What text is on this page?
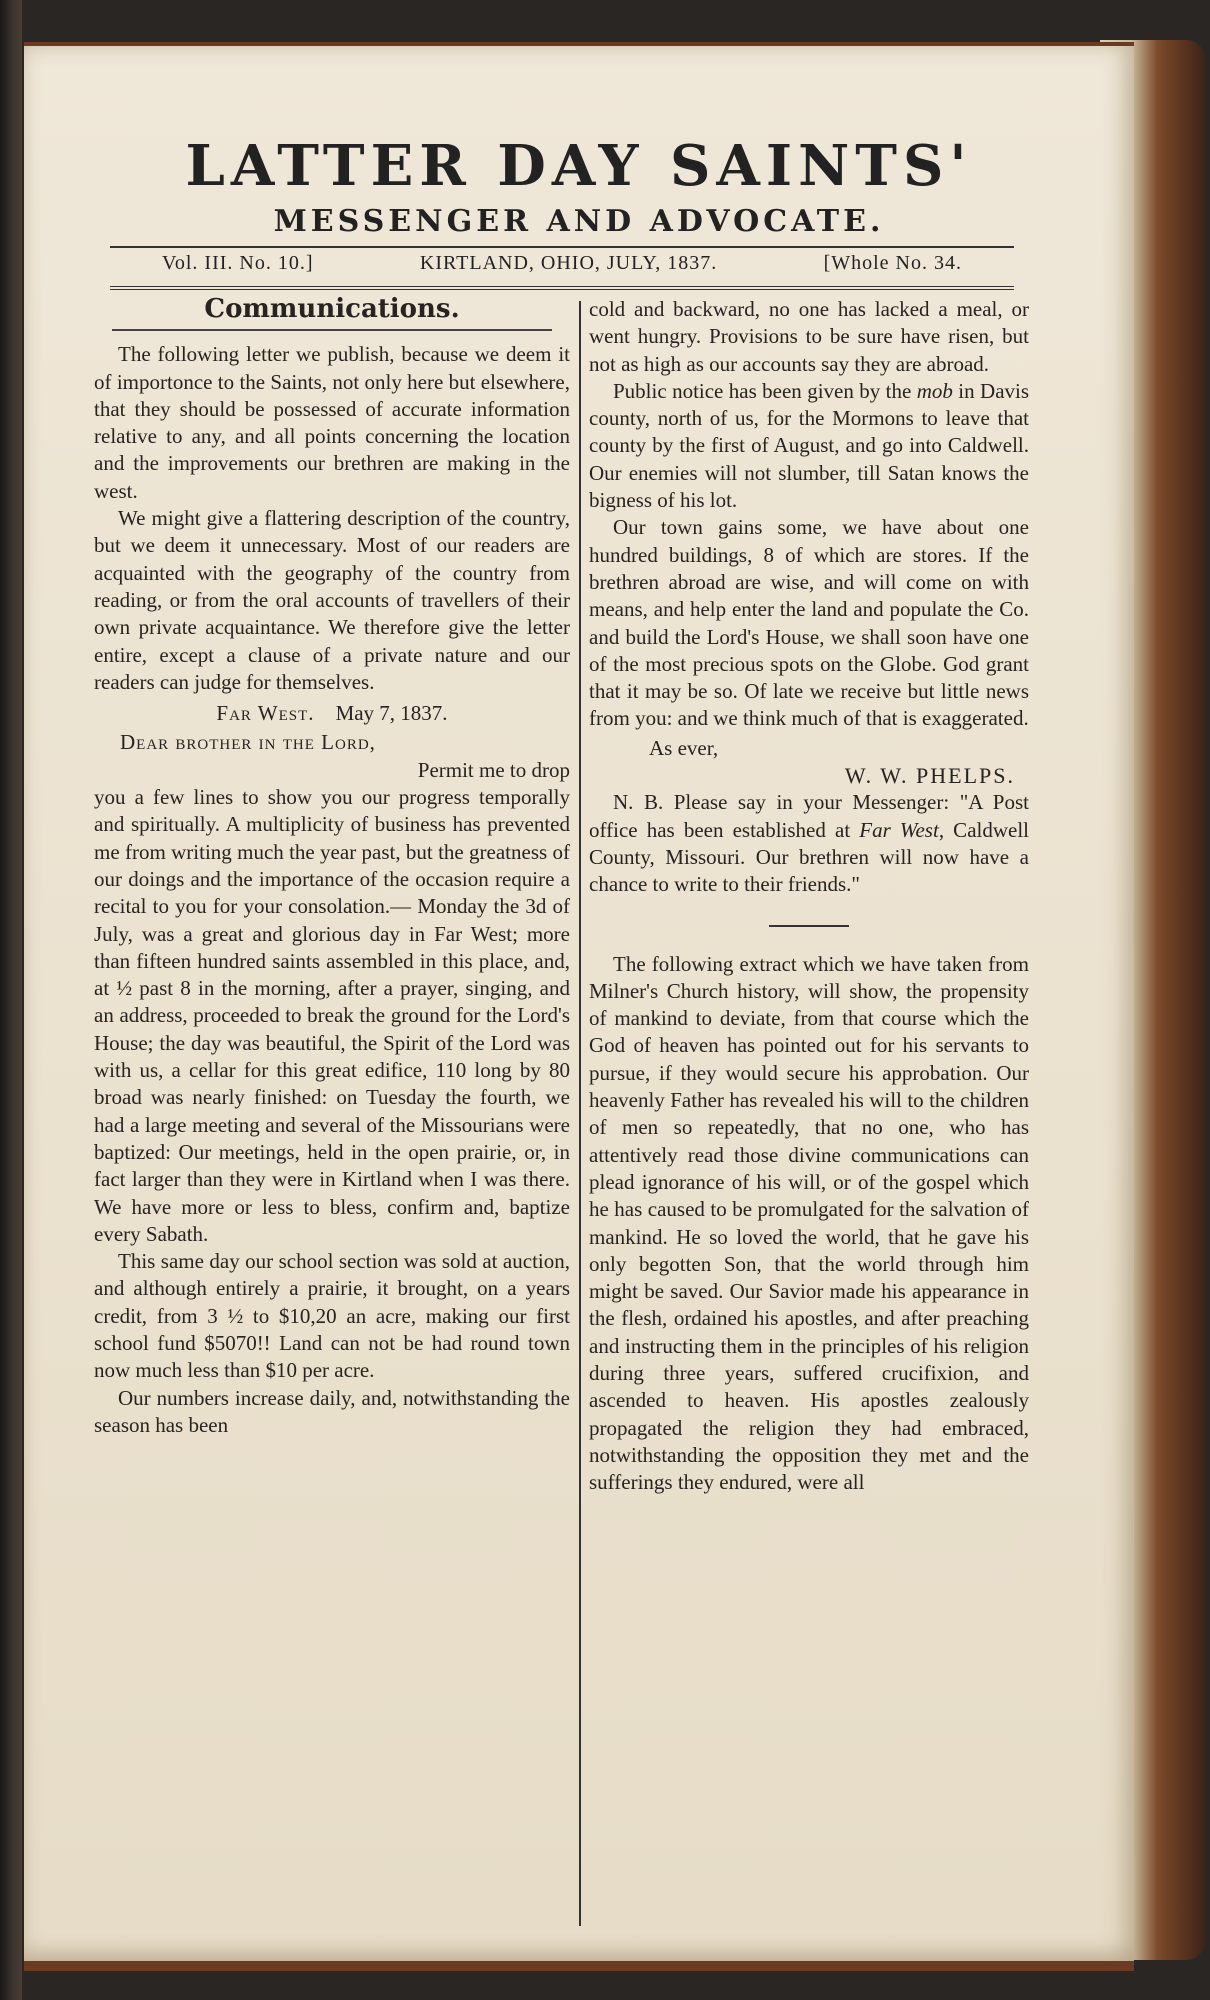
LATTER DAY SAINTS'
MESSENGER AND ADVOCATE.
Vol. III. No. 10.]	KIRTLAND, OHIO, JULY, 1837.	[Whole No. 34.
Communications.

The following letter we publish, because we deem it of importonce to the Saints, not only here but elsewhere, that they should be possessed of accurate information relative to any, and all points concerning the location and the improvements our brethren are making in the west.

We might give a flattering description of the country, but we deem it unnecessary. Most of our readers are acquainted with the geography of the country from reading, or from the oral accounts of travellers of their own private acquaintance. We therefore give the letter entire, except a clause of a private nature and our readers can judge for themselves.

Far West. May 7, 1837.
Dear brother in the Lord,
Permit me to drop

you a few lines to show you our progress temporally and spiritually. A multiplicity of business has prevented me from writing much the year past, but the greatness of our doings and the importance of the occasion require a recital to you for your consolation.— Monday the 3d of July, was a great and glorious day in Far West; more than fifteen hundred saints assembled in this place, and, at ½ past 8 in the morning, after a prayer, singing, and an address, proceeded to break the ground for the Lord's House; the day was beautiful, the Spirit of the Lord was with us, a cellar for this great edifice, 110 long by 80 broad was nearly finished: on Tuesday the fourth, we had a large meeting and several of the Missourians were baptized: Our meetings, held in the open prairie, or, in fact larger than they were in Kirtland when I was there. We have more or less to bless, confirm and, baptize every Sabath.

This same day our school section was sold at auction, and although entirely a prairie, it brought, on a years credit, from 3 ½ to $10,20 an acre, making our first school fund $5070!! Land can not be had round town now much less than $10 per acre.

Our numbers increase daily, and, notwithstanding the season has been

cold and backward, no one has lacked a meal, or went hungry. Provisions to be sure have risen, but not as high as our accounts say they are abroad.

Public notice has been given by the mob in Davis county, north of us, for the Mormons to leave that county by the first of August, and go into Caldwell. Our enemies will not slumber, till Satan knows the bigness of his lot.

Our town gains some, we have about one hundred buildings, 8 of which are stores. If the brethren abroad are wise, and will come on with means, and help enter the land and populate the Co. and build the Lord's House, we shall soon have one of the most precious spots on the Globe. God grant that it may be so. Of late we receive but little news from you: and we think much of that is exaggerated.

As ever,
W. W. PHELPS.

N. B. Please say in your Messenger: "A Post office has been established at Far West, Caldwell County, Missouri. Our brethren will now have a chance to write to their friends."

The following extract which we have taken from Milner's Church history, will show, the propensity of mankind to deviate, from that course which the God of heaven has pointed out for his servants to pursue, if they would secure his approbation. Our heavenly Father has revealed his will to the children of men so repeatedly, that no one, who has attentively read those divine communications can plead ignorance of his will, or of the gospel which he has caused to be promulgated for the salvation of mankind. He so loved the world, that he gave his only begotten Son, that the world through him might be saved. Our Savior made his appearance in the flesh, ordained his apostles, and after preaching and instructing them in the principles of his religion during three years, suffered crucifixion, and ascended to heaven. His apostles zealously propagated the religion they had embraced, notwithstanding the opposition they met and the sufferings they endured, were all
